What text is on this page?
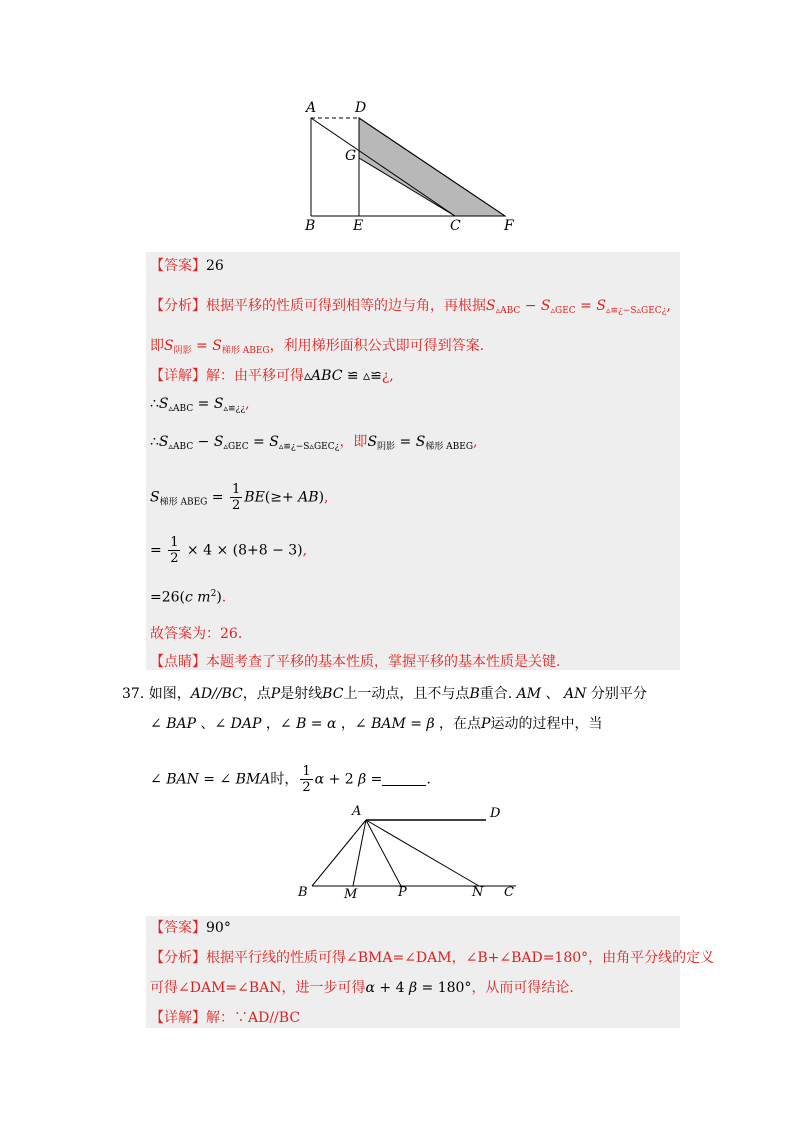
A	D
G
B	E	C	F
【答案】26
【分析】根据平移的性质可得到相等的边与角，再根据$S_{▵ABC} - S_{▵GEC} = S_{▵≌¿-S▵GEC¿}$,
即$S_{阴影} = S_{梯形 ABEG}$，利用梯形面积公式即可得到答案.
【详解】解：由平移可得▵ABC ≌ ▵≌¿,
$\therefore S_{▵ABC} = S_{▵≌¿¿}$,
$\therefore S_{▵ABC} - S_{▵GEC} = S_{▵≌¿-S▵GEC¿}$，即$S_{阴影} = S_{梯形 ABEG}$,
$S_{梯形 ABEG} = \frac{1}{2} BE(\ge+ AB)$,
= $\frac{1}{2} \times 4 \times (8+8 - 3)$,
=26(c $m^2$).
故答案为：26.
【点睛】本题考查了平移的基本性质，掌握平移的基本性质是关键.
37. 如图，AD//BC，点P是射线BC上一动点，且不与点B重合. AM 、 AN 分别平分
∠ BAP 、∠ DAP ，∠ B = α ，∠ BAM = β ，在点P运动的过程中，当
∠ BAN = ∠ BMA时， $\frac{1}{2}$ α + 2 β =	.
A	D
B	M	P	N C
【答案】90°
【分析】根据平行线的性质可得∠BMA=∠DAM，∠B+∠BAD=180°，由角平分线的定义
可得∠DAM=∠BAN，进一步可得α + 4 β = 180°，从而可得结论.
【详解】解：∵AD//BC
